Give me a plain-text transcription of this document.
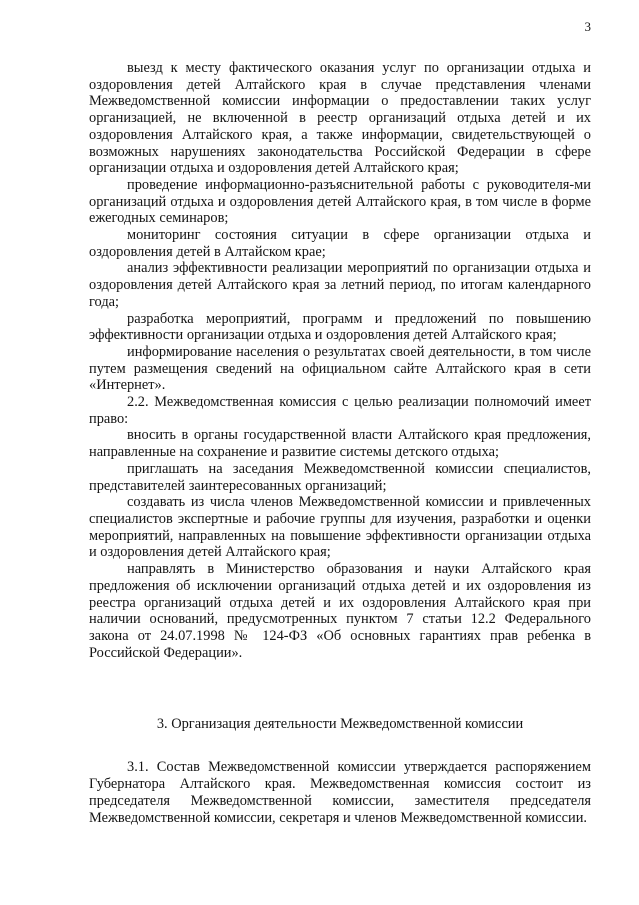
3

выезд к месту фактического оказания услуг по организации отдыха и оздоровления детей Алтайского края в случае представления членами Межведомственной комиссии информации о предоставлении таких услуг организацией, не включенной в реестр организаций отдыха детей и их оздоровления Алтайского края, а также информации, свидетельствующей о возможных нарушениях законодательства Российской Федерации в сфере организации отдыха и оздоровления детей Алтайского края;

проведение информационно-разъяснительной работы с руководителя-ми организаций отдыха и оздоровления детей Алтайского края, в том числе в форме ежегодных семинаров;

мониторинг состояния ситуации в сфере организации отдыха и оздоровления детей в Алтайском крае;

анализ эффективности реализации мероприятий по организации отдыха и оздоровления детей Алтайского края за летний период, по итогам календарного года;

разработка мероприятий, программ и предложений по повышению эффективности организации отдыха и оздоровления детей Алтайского края;

информирование населения о результатах своей деятельности, в том числе путем размещения сведений на официальном сайте Алтайского края в сети «Интернет».

2.2. Межведомственная комиссия с целью реализации полномочий имеет право:

вносить в органы государственной власти Алтайского края предложения, направленные на сохранение и развитие системы детского отдыха;

приглашать на заседания Межведомственной комиссии специалистов, представителей заинтересованных организаций;

создавать из числа членов Межведомственной комиссии и привлеченных специалистов экспертные и рабочие группы для изучения, разработки и оценки мероприятий, направленных на повышение эффективности организации отдыха и оздоровления детей Алтайского края;

направлять в Министерство образования и науки Алтайского края предложения об исключении организаций отдыха детей и их оздоровления из реестра организаций отдыха детей и их оздоровления Алтайского края при наличии оснований, предусмотренных пунктом 7 статьи 12.2 Федерального закона от 24.07.1998 № 124-ФЗ «Об основных гарантиях прав ребенка в Российской Федерации».

3. Организация деятельности Межведомственной комиссии

3.1. Состав Межведомственной комиссии утверждается распоряжением Губернатора Алтайского края. Межведомственная комиссия состоит из председателя Межведомственной комиссии, заместителя председателя Межведомственной комиссии, секретаря и членов Межведомственной комиссии.
